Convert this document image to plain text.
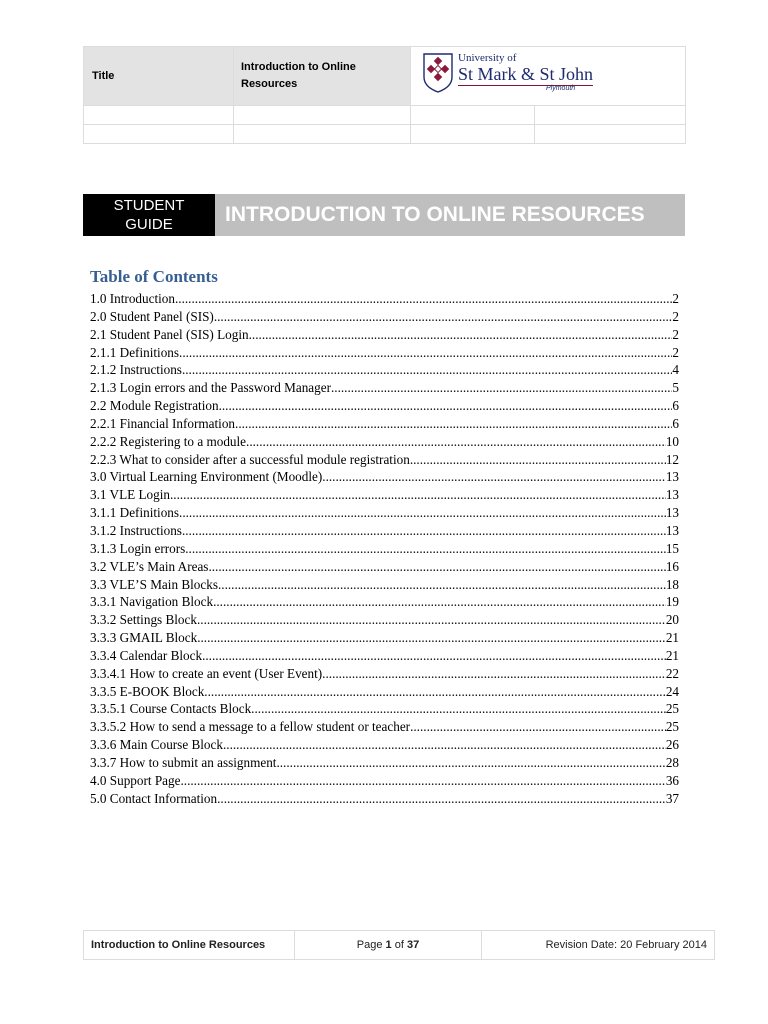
Title	Introduction to Online Resources	University of
St Mark & St John
Plymouth	

STUDENT
GUIDE	INTRODUCTION TO ONLINE RESOURCES
Table of Contents
1.0 Introduction .....	2
2.0 Student Panel (SIS) .....	2
2.1 Student Panel (SIS) Login .....	2
2.1.1 Definitions .....	2
2.1.2 Instructions .....	4
2.1.3 Login errors and the Password Manager .....	5
2.2 Module Registration .....	6
2.2.1 Financial Information .....	6
2.2.2 Registering to a module .....	10
2.2.3 What to consider after a successful module registration .....	12
3.0 Virtual Learning Environment (Moodle) .....	13
3.1 VLE Login .....	13
3.1.1 Definitions .....	13
3.1.2 Instructions .....	13
3.1.3 Login errors .....	15
3.2 VLE’s Main Areas .....	16
3.3 VLE’S Main Blocks .....	18
3.3.1 Navigation Block .....	19
3.3.2 Settings Block .....	20
3.3.3 GMAIL Block .....	21
3.3.4 Calendar Block .....	21
3.3.4.1 How to create an event (User Event) .....	22
3.3.5 E-BOOK Block .....	24
3.3.5.1 Course Contacts Block .....	25
3.3.5.2 How to send a message to a fellow student or teacher .....	25
3.3.6 Main Course Block .....	26
3.3.7 How to submit an assignment .....	28
4.0 Support Page .....	36
5.0 Contact Information .....	37
Introduction to Online Resources	Page 1 of 37	Revision Date: 20 February 2014
